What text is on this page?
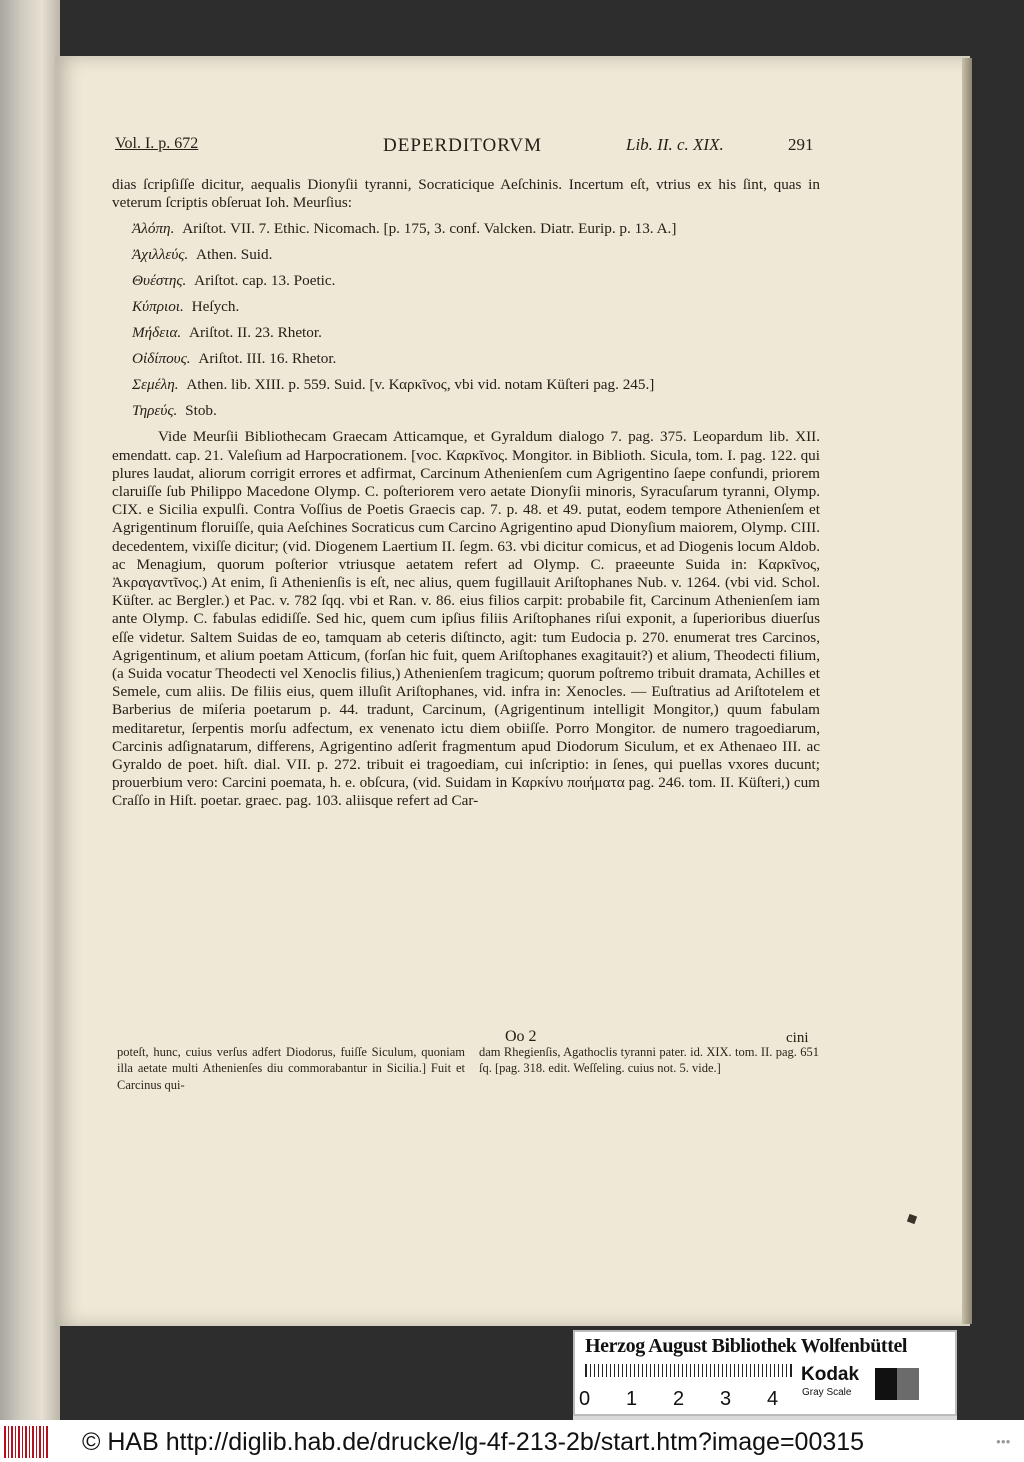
Vol. I. p. 672	DEPERDITORVM	Lib. II. c. XIX.	291

dias ſcripſiſſe dicitur, aequalis Dionyſii tyranni, Socraticique Aeſchinis. Incertum eſt, vtrius ex his ſint, quas in veterum ſcriptis obſeruat Ioh. Meurſius:

Ἀλόπη. Ariſtot. VII. 7. Ethic. Nicomach. [p. 175, 3. conf. Valcken. Diatr. Eurip. p. 13. A.]
Ἀχιλλεύς. Athen. Suid.
Θυέστης. Ariſtot. cap. 13. Poetic.
Κύπριοι. Heſych.
Μήδεια. Ariſtot. II. 23. Rhetor.
Οἰδίπους. Ariſtot. III. 16. Rhetor.
Σεμέλη. Athen. lib. XIII. p. 559. Suid. [v. Καρκῖνος, vbi vid. notam Küſteri pag. 245.]
Τηρεύς. Stob.

Vide Meurſii Bibliothecam Graecam Atticamque, et Gyraldum dialogo 7. pag. 375. Leopardum lib. XII. emendatt. cap. 21. Valeſium ad Harpocrationem. [voc. Καρκῖνος. Mongitor. in Biblioth. Sicula, tom. I. pag. 122. qui plures laudat, aliorum corrigit errores et adfirmat, Carcinum Athenienſem cum Agrigentino ſaepe confundi, priorem claruiſſe ſub Philippo Macedone Olymp. C. poſteriorem vero aetate Dionyſii minoris, Syracuſarum tyranni, Olymp. CIX. e Sicilia expulſi. Contra Voſſius de Poetis Graecis cap. 7. p. 48. et 49. putat, eodem tempore Athenienſem et Agrigentinum floruiſſe, quia Aeſchines Socraticus cum Carcino Agrigentino apud Dionyſium maiorem, Olymp. CIII. decedentem, vixiſſe dicitur; (vid. Diogenem Laertium II. ſegm. 63. vbi dicitur comicus, et ad Diogenis locum Aldob. ac Menagium, quorum poſterior vtriusque aetatem refert ad Olymp. C. praeeunte Suida in: Καρκῖνος, Ἀκραγαντῖνος.) At enim, ſi Athenienſis is eſt, nec alius, quem fugillauit Ariſtophanes Nub. v. 1264. (vbi vid. Schol. Küſter. ac Bergler.) et Pac. v. 782 ſqq. vbi et Ran. v. 86. eius filios carpit: probabile fit, Carcinum Athenienſem iam ante Olymp. C. fabulas edidiſſe. Sed hic, quem cum ipſius filiis Ariſtophanes riſui exponit, a ſuperioribus diuerſus eſſe videtur. Saltem Suidas de eo, tamquam ab ceteris diſtincto, agit: tum Eudocia p. 270. enumerat tres Carcinos, Agrigentinum, et alium poetam Atticum, (forſan hic fuit, quem Ariſtophanes exagitauit?) et alium, Theodecti filium, (a Suida vocatur Theodecti vel Xenoclis filius,) Athenienſem tragicum; quorum poſtremo tribuit dramata, Achilles et Semele, cum aliis. De filiis eius, quem illuſit Ariſtophanes, vid. infra in: Xenocles. — Euſtratius ad Ariſtotelem et Barberius de miſeria poetarum p. 44. tradunt, Carcinum, (Agrigentinum intelligit Mongitor,) quum fabulam meditaretur, ſerpentis morſu adfectum, ex venenato ictu diem obiiſſe. Porro Mongitor. de numero tragoediarum, Carcinis adſignatarum, differens, Agrigentino adſerit fragmentum apud Diodorum Siculum, et ex Athenaeo III. ac Gyraldo de poet. hiſt. dial. VII. p. 272. tribuit ei tragoediam, cui inſcriptio: in ſenes, qui puellas vxores ducunt; prouerbium vero: Carcini poemata, h. e. obſcura, (vid. Suidam in Καρκίνυ ποιήματα pag. 246. tom. II. Küſteri,) cum Craſſo in Hiſt. poetar. graec. pag. 103. aliisque refert ad Car-

Oo 2	cini
poteſt, hunc, cuius verſus adfert Diodorus, fuiſſe Siculum, quoniam illa aetate multi Athenienſes diu commorabantur in Sicilia.] Fuit et Carcinus qui-
dam Rhegienſis, Agathoclis tyranni pater. id. XIX. tom. II. pag. 651 ſq. [pag. 318. edit. Weſſeling. cuius not. 5. vide.]
© HAB http://diglib.hab.de/drucke/lg-4f-213-2b/start.htm?image=00315	●●●
Herzog August Bibliothek Wolfenbüttel
0 1 2 3 4
Kodak
Gray Scale
